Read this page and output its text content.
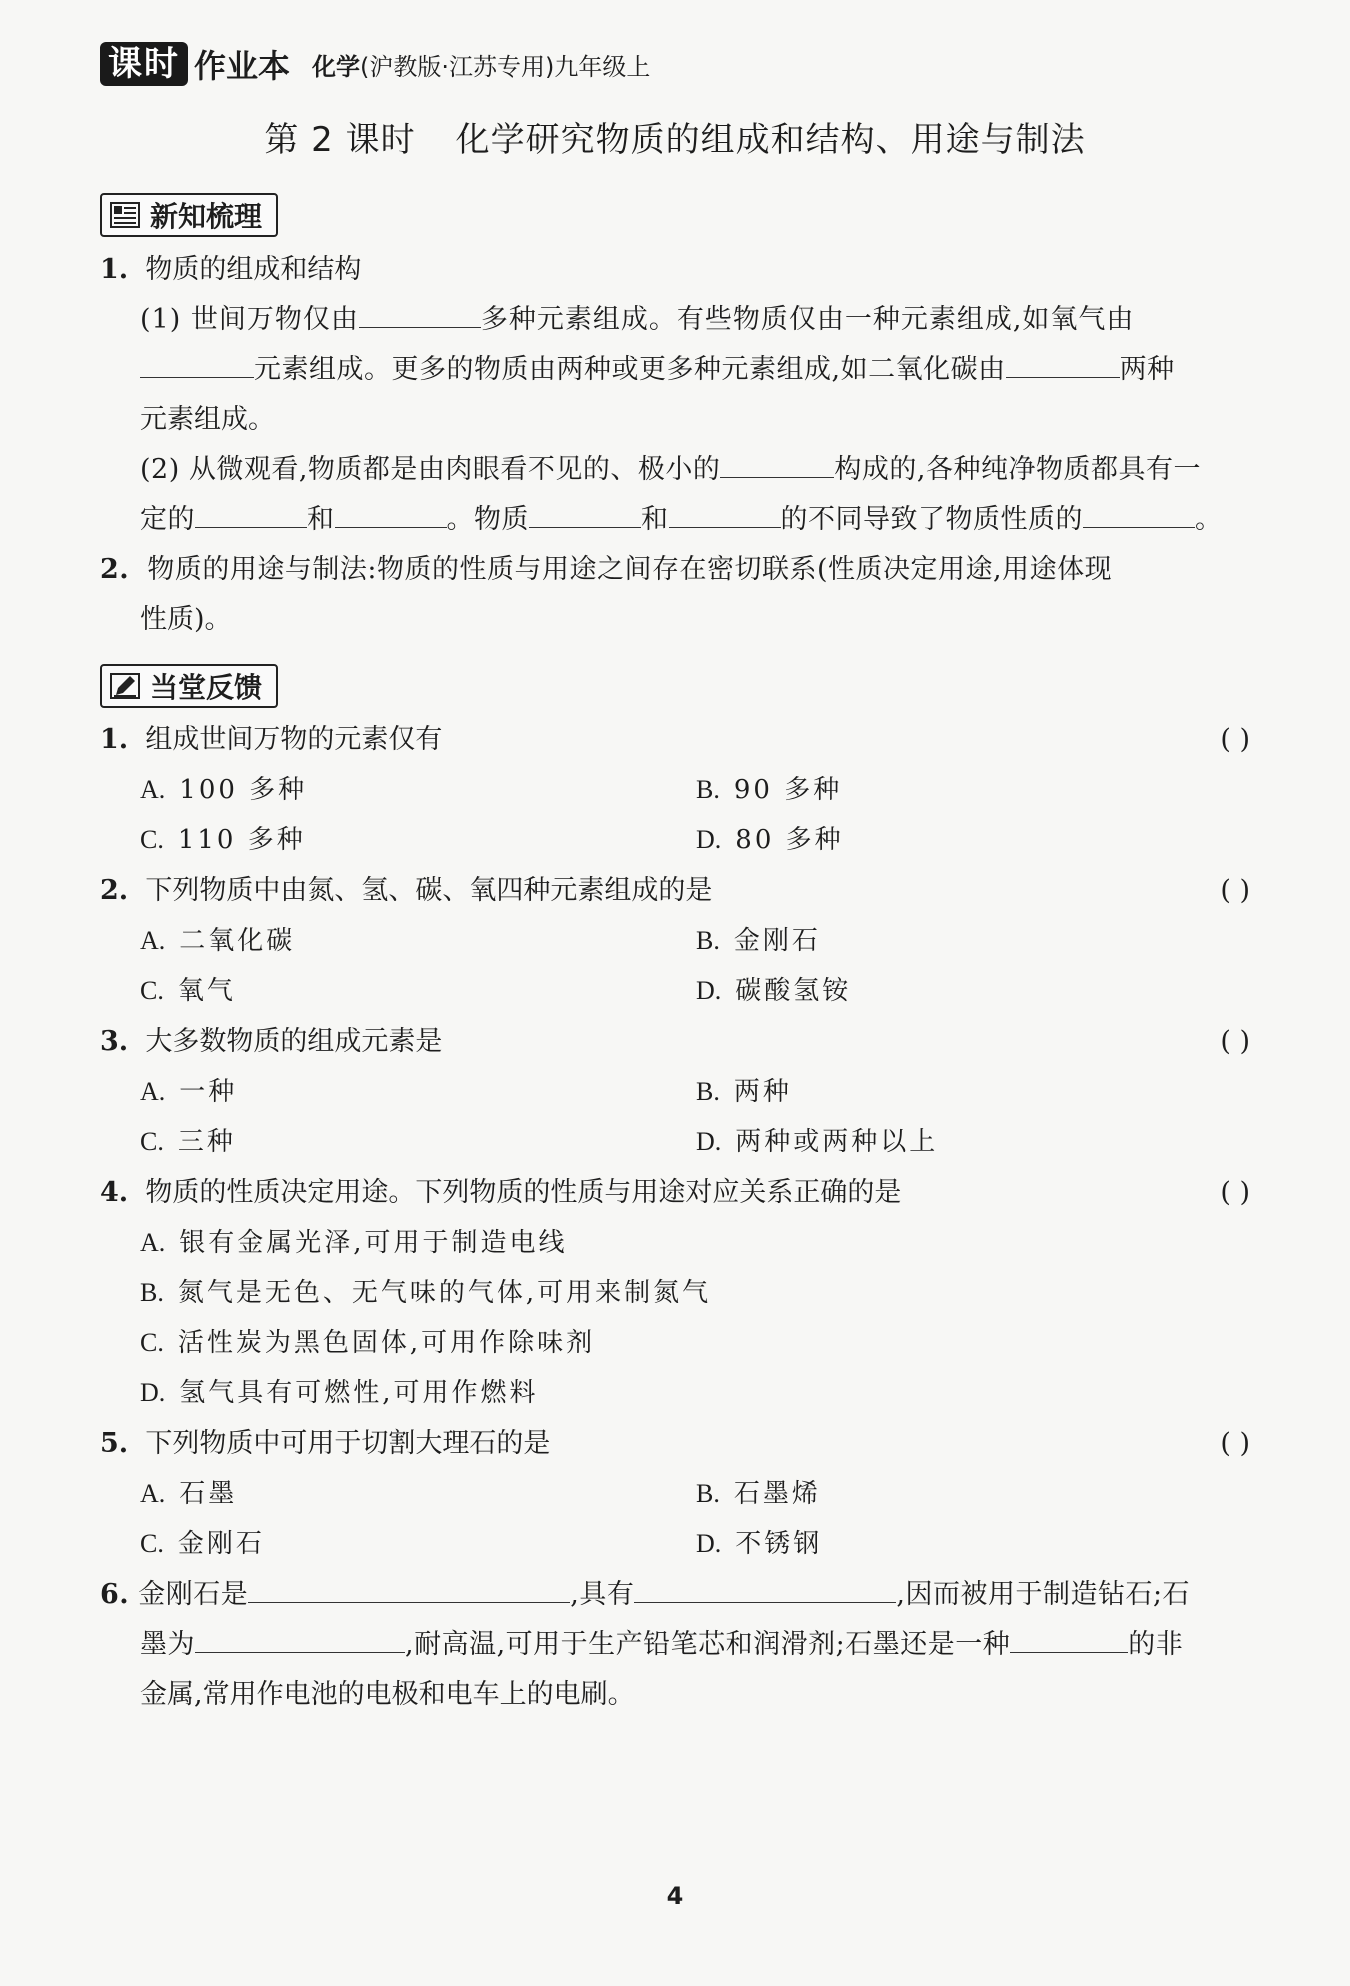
课时 作业本 化学(沪教版·江苏专用)九年级上
第 2 课时 化学研究物质的组成和结构、用途与制法
新知梳理
1. 物质的组成和结构
(1) 世间万物仅由	多种元素组成。有些物质仅由一种元素组成,如氧气由
元素组成。更多的物质由两种或更多种元素组成,如二氧化碳由	两种
元素组成。
(2) 从微观看,物质都是由肉眼看不见的、极小的	构成的,各种纯净物质都具有一
定的	和	。物质	和	的不同导致了物质性质的	。
2. 物质的用途与制法:物质的性质与用途之间存在密切联系(性质决定用途,用途体现
性质)。
当堂反馈
1. 组成世间万物的元素仅有	( )
A. 100 多种	B. 90 多种
C. 110 多种	D. 80 多种
2. 下列物质中由氮、氢、碳、氧四种元素组成的是	( )
A. 二氧化碳	B. 金刚石
C. 氧气	D. 碳酸氢铵
3. 大多数物质的组成元素是	( )
A. 一种	B. 两种
C. 三种	D. 两种或两种以上
4. 物质的性质决定用途。下列物质的性质与用途对应关系正确的是	( )
A. 银有金属光泽,可用于制造电线
B. 氮气是无色、无气味的气体,可用来制氮气
C. 活性炭为黑色固体,可用作除味剂
D. 氢气具有可燃性,可用作燃料
5. 下列物质中可用于切割大理石的是	( )
A. 石墨	B. 石墨烯
C. 金刚石	D. 不锈钢
6. 金刚石是	,具有	,因而被用于制造钻石;石
墨为	,耐高温,可用于生产铅笔芯和润滑剂;石墨还是一种	的非
金属,常用作电池的电极和电车上的电刷。
4
